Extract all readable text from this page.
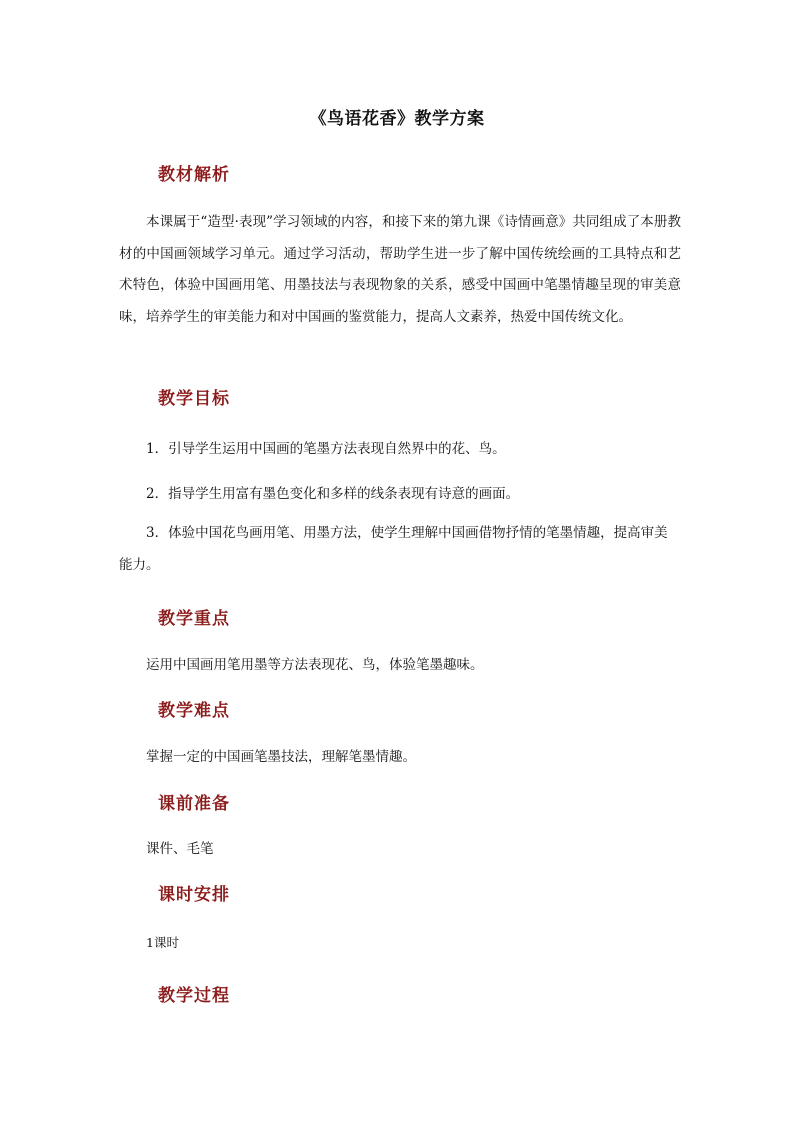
《鸟语花香》教学方案
教材解析
本课属于“造型·表现”学习领域的内容，和接下来的第九课《诗情画意》共同组成了本册教材的中国画领域学习单元。通过学习活动，帮助学生进一步了解中国传统绘画的工具特点和艺术特色，体验中国画用笔、用墨技法与表现物象的关系，感受中国画中笔墨情趣呈现的审美意味，培养学生的审美能力和对中国画的鉴赏能力，提高人文素养，热爱中国传统文化。
教学目标
1．引导学生运用中国画的笔墨方法表现自然界中的花、鸟。
2．指导学生用富有墨色变化和多样的线条表现有诗意的画面。
3．体验中国花鸟画用笔、用墨方法，使学生理解中国画借物抒情的笔墨情趣，提高审美能力。
教学重点
运用中国画用笔用墨等方法表现花、鸟，体验笔墨趣味。
教学难点
掌握一定的中国画笔墨技法，理解笔墨情趣。
课前准备
课件、毛笔
课时安排
1课时
教学过程
